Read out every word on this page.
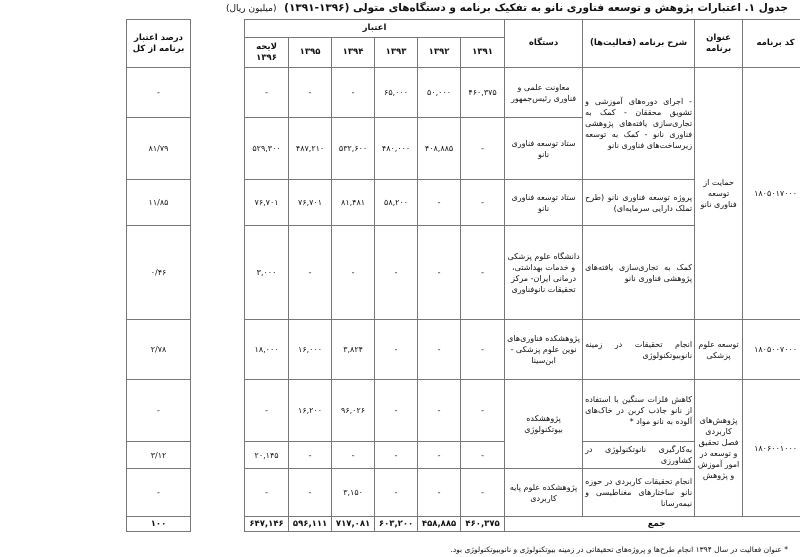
جدول ۱. اعتبارات پژوهش و توسعه فناوری نانو به تفکیک برنامه و دستگاه‌های متولی (۱۳۹۶-۱۳۹۱) (میلیون ریال)
کد برنامه	عنوان برنامه	شرح برنامه (فعالیت‌ها)	دستگاه	اعتبار							درصد اعتبار برنامه از کل
				۱۳۹۱	۱۳۹۲	۱۳۹۳	۱۳۹۴	۱۳۹۵	لایحه ۱۳۹۶		
۱۸۰۵۰۱۷۰۰۰	حمایت از توسعه فناوری نانو	- اجرای دوره‌های آموزشی و تشویق محققان - کمک به تجاری‌سازی یافته‌های پژوهشی فناوری نانو - کمک به توسعه زیرساخت‌های فناوری نانو	معاونت علمی و فناوری رئیس‌جمهور	۴۶۰,۳۷۵	۵۰,۰۰۰	۶۵,۰۰۰	-	-	-		-
			ستاد توسعه فناوری نانو	-	۴۰۸,۸۸۵	۴۸۰,۰۰۰	۵۳۲,۶۰۰	۴۸۷,۲۱۰	۵۲۹,۳۰۰		۸۱/۷۹
		پروژه توسعه فناوری نانو (طرح تملک دارایی سرمایه‌ای)	ستاد توسعه فناوری نانو	-	-	۵۸,۲۰۰	۸۱,۴۸۱	۷۶,۷۰۱	۷۶,۷۰۱		۱۱/۸۵
		کمک به تجاری‌سازی یافته‌های پژوهشی فناوری نانو	دانشگاه علوم پزشکی و خدمات بهداشتی، درمانی ایران- مرکز تحقیقات نانوفناوری	-	-	-	-	-	۳,۰۰۰		۰/۴۶
۱۸۰۵۰۰۷۰۰۰	توسعه علوم پزشکی	انجام تحقیقات در زمینه نانوبیوتکنولوژی	پژوهشکده فناوری‌های نوین علوم پزشکی - ابن‌سینا	-	-	-	۳,۸۲۴	۱۶,۰۰۰	۱۸,۰۰۰		۲/۷۸
۱۸۰۶۰۰۱۰۰۰	پژوهش‌های کاربردی فصل تحقیق و توسعه در امور آموزش و پژوهش	کاهش فلزات سنگین با استفاده از نانو جاذب کربن در خاک‌های آلوده به نانو مواد *	پژوهشکده بیوتکنولوژی	-	-	-	۹۶,۰۲۶	۱۶,۲۰۰	-		-
		به‌کارگیری نانوتکنولوژی در کشاورزی		-	-	-	-	-	۲۰,۱۴۵		۳/۱۲
		انجام تحقیقات کاربردی در حوزه نانو ساختارهای مغناطیسی و نیمه‌رسانا	پژوهشکده علوم پایه کاربردی	-	-	-	۳,۱۵۰	-	-		-
جمع				۴۶۰,۳۷۵	۴۵۸,۸۸۵	۶۰۳,۲۰۰	۷۱۷,۰۸۱	۵۹۶,۱۱۱	۶۴۷,۱۴۶		۱۰۰
* عنوان فعالیت در سال ۱۳۹۴ انجام طرح‌ها و پروژه‌های تحقیقاتی در زمینه بیوتکنولوژی و نانوبیوتکنولوژی بود.
